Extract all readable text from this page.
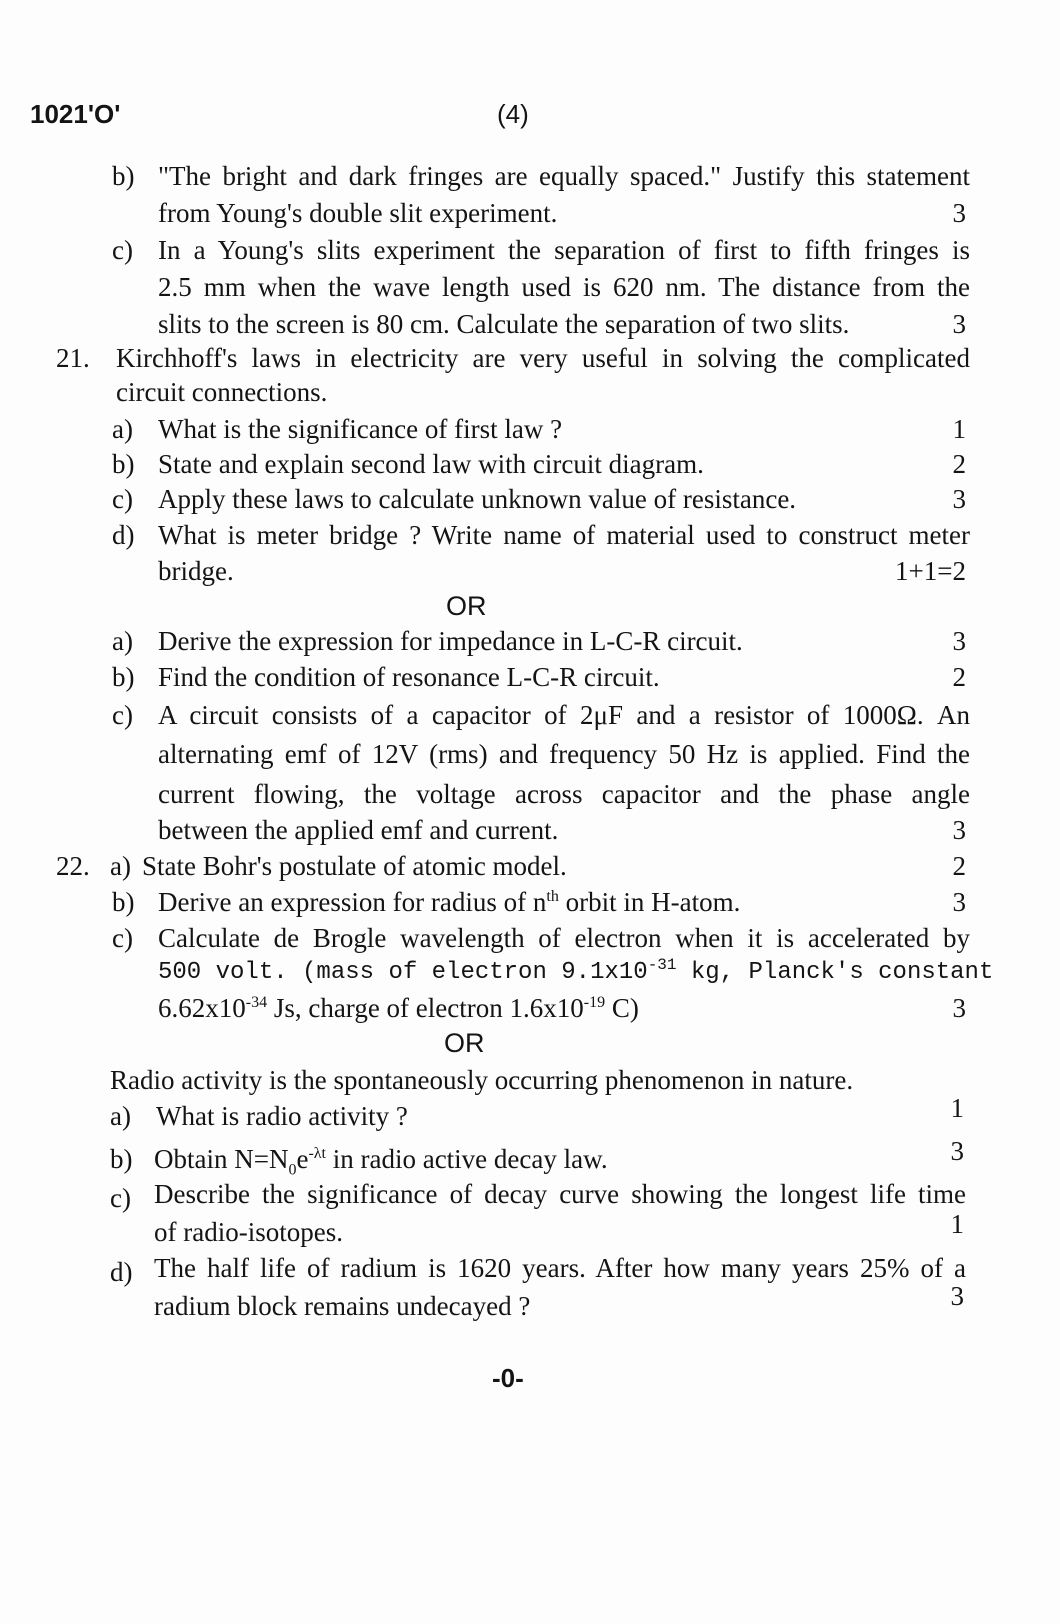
1021'O'	(4)
b) "The bright and dark fringes are equally spaced." Justify this statement
from Young's double slit experiment.	3
c) In a Young's slits experiment the separation of first to fifth fringes is
2.5 mm when the wave length used is 620 nm. The distance from the
slits to the screen is 80 cm. Calculate the separation of two slits.	3
21. Kirchhoff's laws in electricity are very useful in solving the complicated
circuit connections.
a) What is the significance of first law ?	1
b) State and explain second law with circuit diagram.	2
c) Apply these laws to calculate unknown value of resistance.	3
d) What is meter bridge ? Write name of material used to construct meter
bridge.	1+1=2
OR
a) Derive the expression for impedance in L-C-R circuit.	3
b) Find the condition of resonance L-C-R circuit.	2
c) A circuit consists of a capacitor of 2μF and a resistor of 1000Ω. An
alternating emf of 12V (rms) and frequency 50 Hz is applied. Find the
current flowing, the voltage across capacitor and the phase angle
between the applied emf and current.	3
22. a) State Bohr's postulate of atomic model.	2
b) Derive an expression for radius of $n^{th}$ orbit in H-atom.	3
c) Calculate de Brogle wavelength of electron when it is accelerated by
500 volt. (mass of electron $9.1x10^{-31}$ kg, Planck's constant
$6.62x10^{-34}$ Js, charge of electron $1.6x10^{-19}$ C)	3
OR
Radio activity is the spontaneously occurring phenomenon in nature.
a) What is radio activity ?	1
b) Obtain $N=N_0e^{-\lambda t}$ in radio active decay law.	3
c) Describe the significance of decay curve showing the longest life time
of radio-isotopes.	1
d) The half life of radium is 1620 years. After how many years 25% of a
radium block remains undecayed ?	3
-0-
